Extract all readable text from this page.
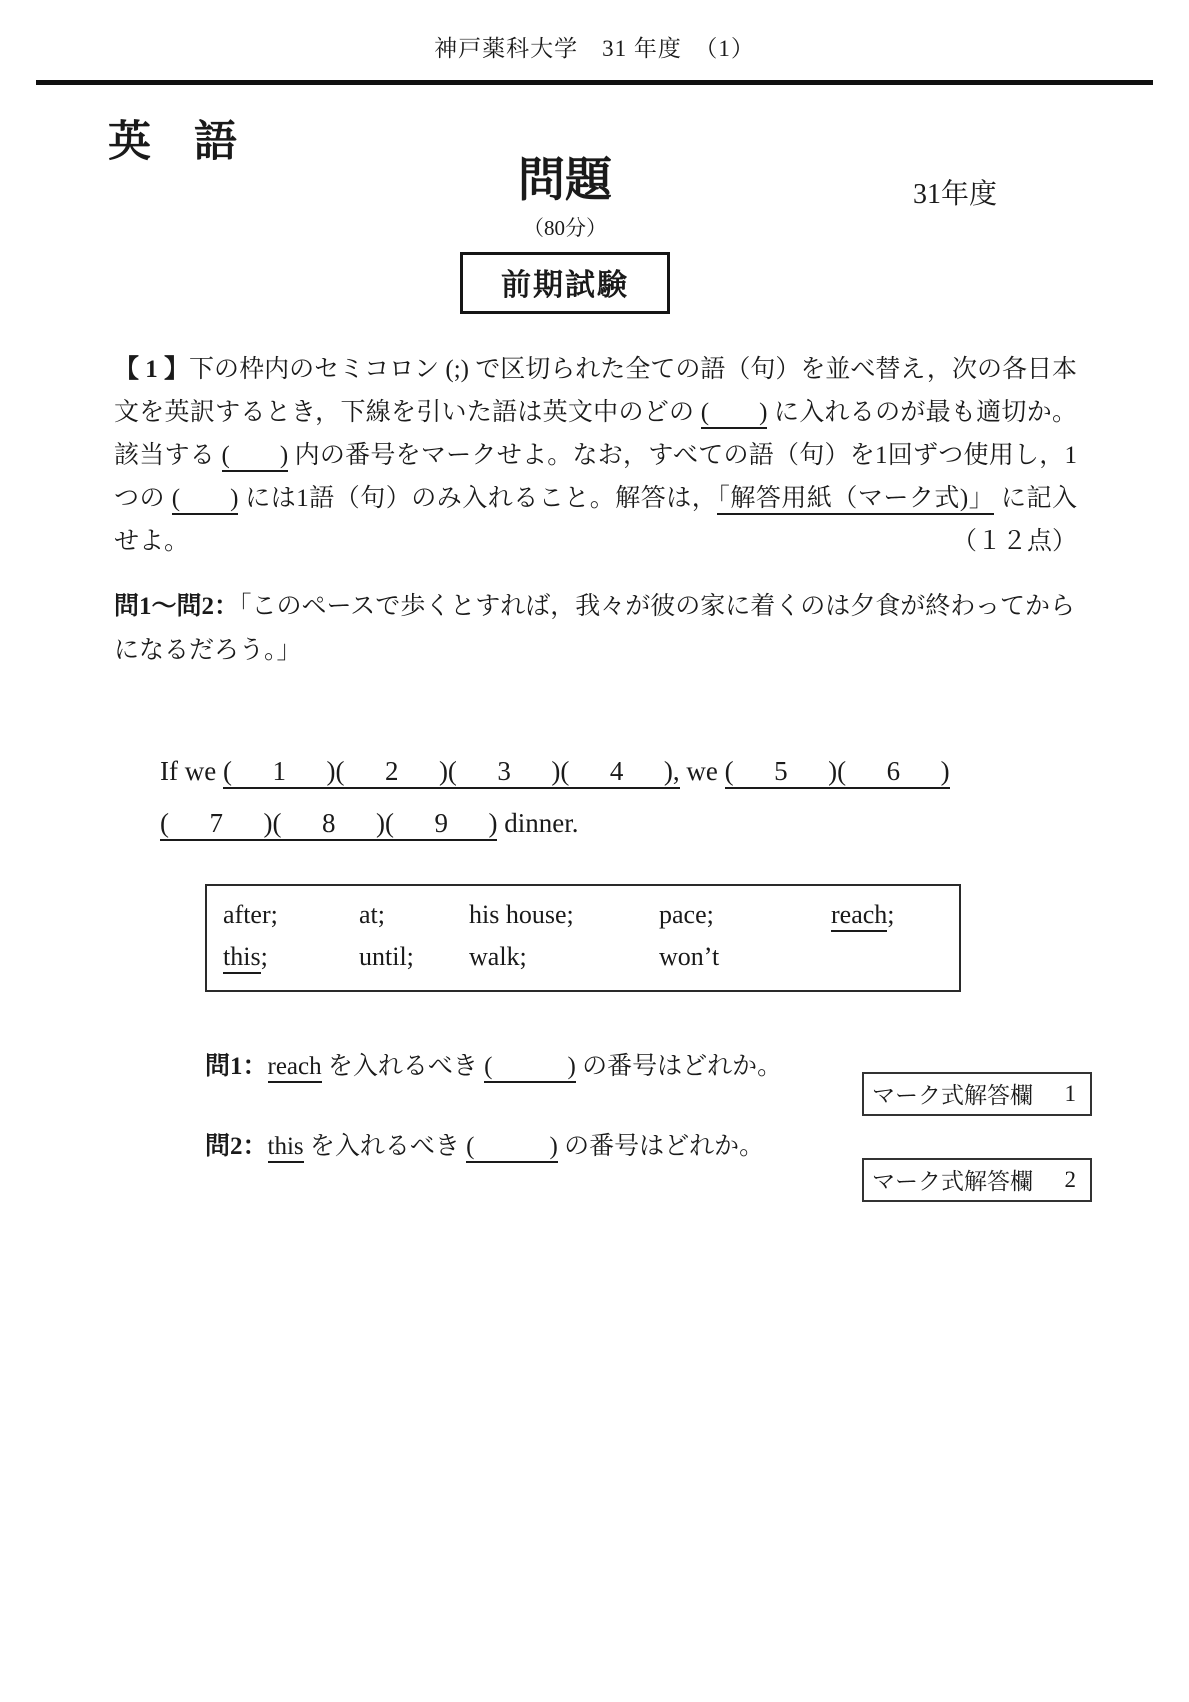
神戸薬科大学　31 年度　（1）
英　語
問題
（80分）
前期試験
31年度

【 1 】下の枠内のセミコロン (;) で区切られた全ての語（句）を並べ替え，次の各日本文を英訳するとき，下線を引いた語は英文中のどの (    ) に入れるのが最も適切か。該当する (    ) 内の番号をマークせよ。なお，すべての語（句）を1回ずつ使用し，1つの (    ) には1語（句）のみ入れること。解答は，「解答用紙（マーク式)」 に記入せよ。	（１２点）

問1～問2：「このペースで歩くとすれば，我々が彼の家に着くのは夕食が終わってからになるだろう。」

If we (   1   )(   2   )(   3   )(   4   ), we (   5   )(   6   )
(   7   )(   8   )(   9   ) dinner.
after;	at;	his house;	pace;	reach;
this;	until;	walk;	won’t
問1：reach を入れるべき (      ) の番号はどれか。
マーク式解答欄 1
問2：this を入れるべき (      ) の番号はどれか。
マーク式解答欄 2
